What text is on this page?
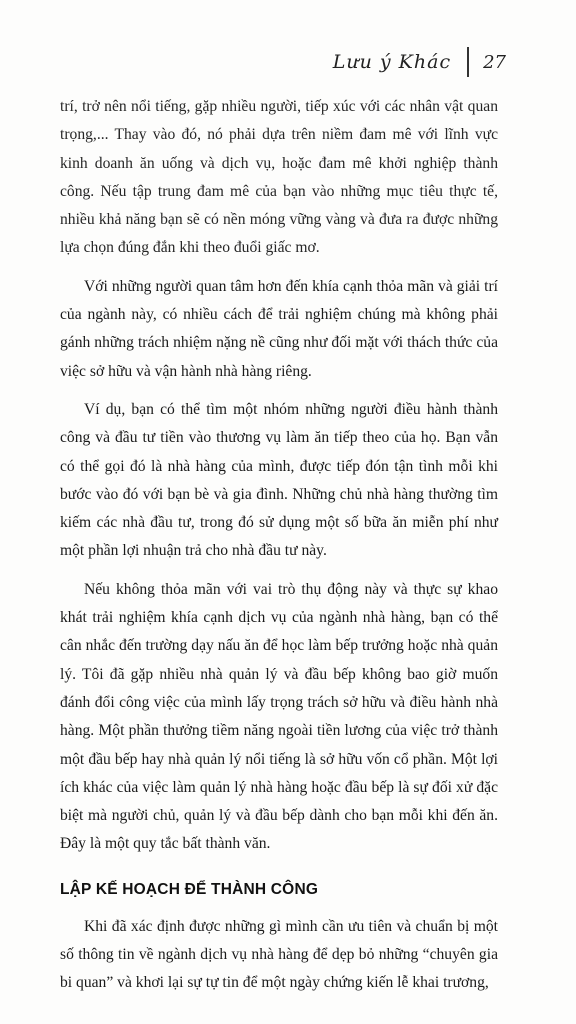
Lưu ý Khác 27

trí, trở nên nổi tiếng, gặp nhiều người, tiếp xúc với các nhân vật quan trọng,... Thay vào đó, nó phải dựa trên niềm đam mê với lĩnh vực kinh doanh ăn uống và dịch vụ, hoặc đam mê khởi nghiệp thành công. Nếu tập trung đam mê của bạn vào những mục tiêu thực tế, nhiều khả năng bạn sẽ có nền móng vững vàng và đưa ra được những lựa chọn đúng đắn khi theo đuổi giấc mơ.

Với những người quan tâm hơn đến khía cạnh thỏa mãn và giải trí của ngành này, có nhiều cách để trải nghiệm chúng mà không phải gánh những trách nhiệm nặng nề cũng như đối mặt với thách thức của việc sở hữu và vận hành nhà hàng riêng.

Ví dụ, bạn có thể tìm một nhóm những người điều hành thành công và đầu tư tiền vào thương vụ làm ăn tiếp theo của họ. Bạn vẫn có thể gọi đó là nhà hàng của mình, được tiếp đón tận tình mỗi khi bước vào đó với bạn bè và gia đình. Những chủ nhà hàng thường tìm kiếm các nhà đầu tư, trong đó sử dụng một số bữa ăn miễn phí như một phần lợi nhuận trả cho nhà đầu tư này.

Nếu không thỏa mãn với vai trò thụ động này và thực sự khao khát trải nghiệm khía cạnh dịch vụ của ngành nhà hàng, bạn có thể cân nhắc đến trường dạy nấu ăn để học làm bếp trưởng hoặc nhà quản lý. Tôi đã gặp nhiều nhà quản lý và đầu bếp không bao giờ muốn đánh đổi công việc của mình lấy trọng trách sở hữu và điều hành nhà hàng. Một phần thưởng tiềm năng ngoài tiền lương của việc trở thành một đầu bếp hay nhà quản lý nổi tiếng là sở hữu vốn cổ phần. Một lợi ích khác của việc làm quản lý nhà hàng hoặc đầu bếp là sự đối xử đặc biệt mà người chủ, quản lý và đầu bếp dành cho bạn mỗi khi đến ăn. Đây là một quy tắc bất thành văn.

LẬP KẾ HOẠCH ĐỂ THÀNH CÔNG

Khi đã xác định được những gì mình cần ưu tiên và chuẩn bị một số thông tin về ngành dịch vụ nhà hàng để dẹp bỏ những “chuyên gia bi quan” và khơi lại sự tự tin để một ngày chứng kiến lễ khai trương,
